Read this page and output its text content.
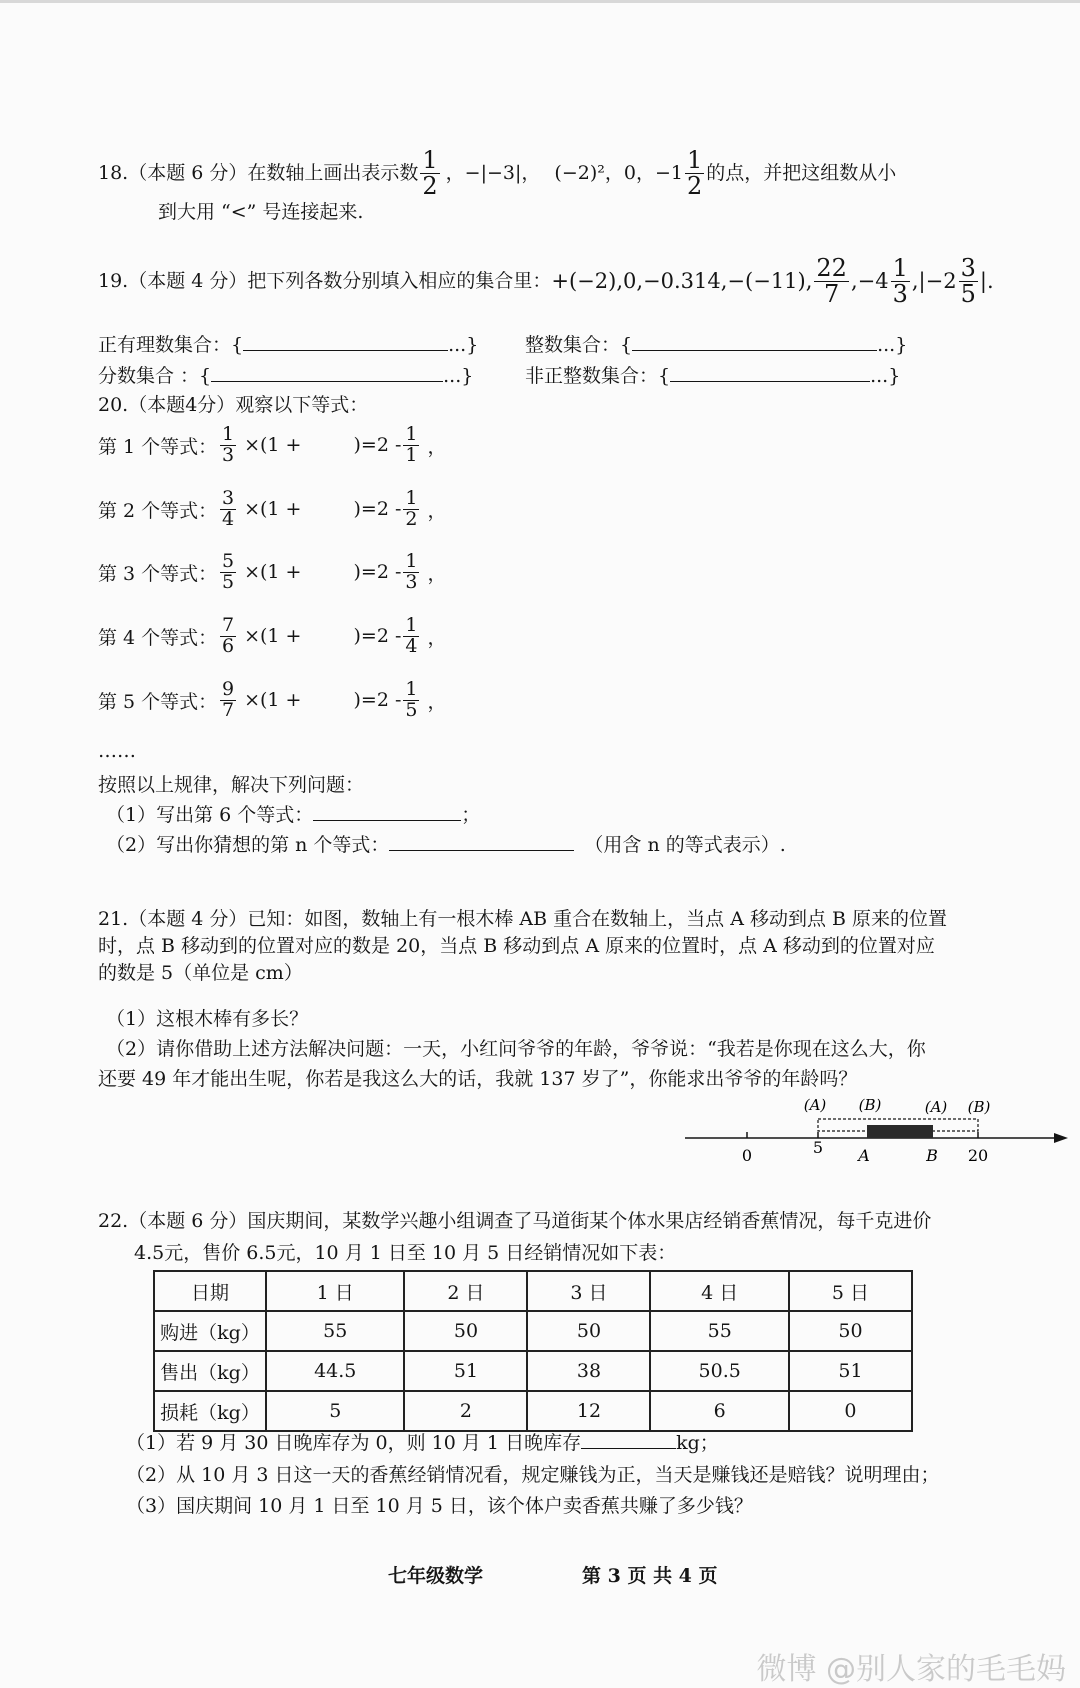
18.（本题 6 分）在数轴上画出表示数 $\frac{1}{2}$ ，−|−3|， (−2)²，0，$-1 \frac{1}{2}$ 的点，并把这组数从小
到大用 “<” 号连接起来.
19.（本题 4 分）把下列各数分别填入相应的集合里： +(−2),0,−0.314,−(−11), $\frac{22}{7} ,-4 \frac{1}{3} ,|-2 \frac{3}{5}$ |.
正有理数集合：{	...} 整数集合：{	...}
分数集合 ：{	...}	非正整数集合：{	...}
20.（本题4分）观察以下等式：
第 1 个等式： $\frac{1}{3} \times(1$ +	)$=2 - \frac{1}{1}$ ，
第 2 个等式： $\frac{3}{4} \times(1$ +	)$=2 - \frac{1}{2}$ ，
第 3 个等式： $\frac{5}{5} \times(1$ +	)$=2 - \frac{1}{3}$ ，
第 4 个等式： $\frac{7}{6} \times(1$ +	)$=2 - \frac{1}{4}$ ，
第 5 个等式： $\frac{9}{7} \times(1$ +	)$=2 - \frac{1}{5}$ ，
……
按照以上规律，解决下列问题：
（1）写出第 6 个等式：	；
（2）写出你猜想的第 n 个等式：	（用含 n 的等式表示）.
21.（本题 4 分）已知：如图，数轴上有一根木棒 AB 重合在数轴上，当点 A 移动到点 B 原来的位置
时，点 B 移动到的位置对应的数是 20，当点 B 移动到点 A 原来的位置时，点 A 移动到的位置对应
的数是 5（单位是 cm）
（1）这根木棒有多长？
（2）请你借助上述方法解决问题：一天，小红问爷爷的年龄，爷爷说：“我若是你现在这么大，你
还要 49 年才能出生呢，你若是我这么大的话，我就 137 岁了”，你能求出爷爷的年龄吗？
0	5 A	B 20
(A) (B)	(A) (B)
22.（本题 6 分）国庆期间，某数学兴趣小组调查了马道街某个体水果店经销香蕉情况，每千克进价
4.5元，售价 6.5元，10 月 1 日至 10 月 5 日经销情况如下表：
日期	1 日	2 日	3 日	4 日	5 日
购进（kg）	55	50	50	55	50
售出（kg）	44.5	51	38	50.5	51
损耗（kg）	5	2	12	6	0
（1）若 9 月 30 日晚库存为 0，则 10 月 1 日晚库存	kg；
（2）从 10 月 3 日这一天的香蕉经销情况看，规定赚钱为正，当天是赚钱还是赔钱？说明理由；
（3）国庆期间 10 月 1 日至 10 月 5 日，该个体户卖香蕉共赚了多少钱？
七年级数学	第 3 页 共 4 页
微博 @别人家的毛毛妈
